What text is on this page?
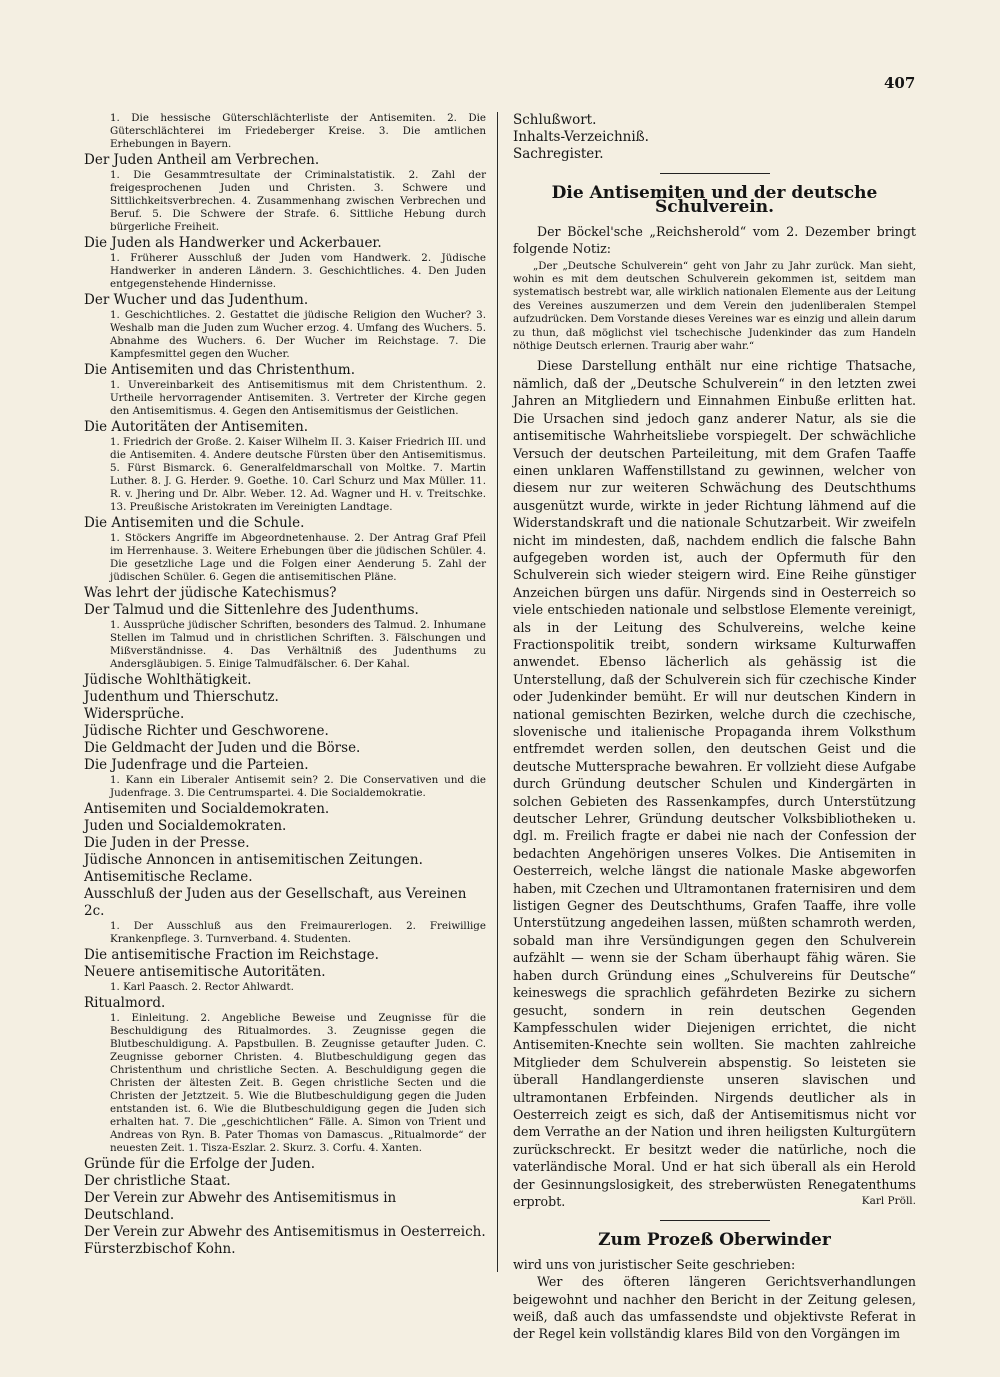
407

1. Die hessische Güterschlächterliste der Antisemiten. 2. Die Güterschlächterei im Friedeberger Kreise. 3. Die amtlichen Erhebungen in Bayern.

Der Juden Antheil am Verbrechen.

1. Die Gesammtresultate der Criminalstatistik. 2. Zahl der freigesprochenen Juden und Christen. 3. Schwere und Sittlichkeitsverbrechen. 4. Zusammenhang zwischen Verbrechen und Beruf. 5. Die Schwere der Strafe. 6. Sittliche Hebung durch bürgerliche Freiheit.

Die Juden als Handwerker und Ackerbauer.

1. Früherer Ausschluß der Juden vom Handwerk. 2. Jüdische Handwerker in anderen Ländern. 3. Geschichtliches. 4. Den Juden entgegenstehende Hindernisse.

Der Wucher und das Judenthum.

1. Geschichtliches. 2. Gestattet die jüdische Religion den Wucher? 3. Weshalb man die Juden zum Wucher erzog. 4. Umfang des Wuchers. 5. Abnahme des Wuchers. 6. Der Wucher im Reichstage. 7. Die Kampfesmittel gegen den Wucher.

Die Antisemiten und das Christenthum.

1. Unvereinbarkeit des Antisemitismus mit dem Christenthum. 2. Urtheile hervorragender Antisemiten. 3. Vertreter der Kirche gegen den Antisemitismus. 4. Gegen den Antisemitismus der Geistlichen.

Die Autoritäten der Antisemiten.

1. Friedrich der Große. 2. Kaiser Wilhelm II. 3. Kaiser Friedrich III. und die Antisemiten. 4. Andere deutsche Fürsten über den Antisemitismus. 5. Fürst Bismarck. 6. Generalfeldmarschall von Moltke. 7. Martin Luther. 8. J. G. Herder. 9. Goethe. 10. Carl Schurz und Max Müller. 11. R. v. Jhering und Dr. Albr. Weber. 12. Ad. Wagner und H. v. Treitschke. 13. Preußische Aristokraten im Vereinigten Landtage.

Die Antisemiten und die Schule.

1. Stöckers Angriffe im Abgeordnetenhause. 2. Der Antrag Graf Pfeil im Herrenhause. 3. Weitere Erhebungen über die jüdischen Schüler. 4. Die gesetzliche Lage und die Folgen einer Aenderung 5. Zahl der jüdischen Schüler. 6. Gegen die antisemitischen Pläne.

Was lehrt der jüdische Katechismus?

Der Talmud und die Sittenlehre des Judenthums.

1. Aussprüche jüdischer Schriften, besonders des Talmud. 2. Inhumane Stellen im Talmud und in christlichen Schriften. 3. Fälschungen und Mißverständnisse. 4. Das Verhältniß des Judenthums zu Andersgläubigen. 5. Einige Talmudfälscher. 6. Der Kahal.

Jüdische Wohlthätigkeit.

Judenthum und Thierschutz.

Widersprüche.

Jüdische Richter und Geschworene.

Die Geldmacht der Juden und die Börse.

Die Judenfrage und die Parteien.

1. Kann ein Liberaler Antisemit sein? 2. Die Conservativen und die Judenfrage. 3. Die Centrumspartei. 4. Die Socialdemokratie.

Antisemiten und Socialdemokraten.

Juden und Socialdemokraten.

Die Juden in der Presse.

Jüdische Annoncen in antisemitischen Zeitungen.

Antisemitische Reclame.

Ausschluß der Juden aus der Gesellschaft, aus Vereinen 2c.

1. Der Ausschluß aus den Freimaurerlogen. 2. Freiwillige Krankenpflege. 3. Turnverband. 4. Studenten.

Die antisemitische Fraction im Reichstage.

Neuere antisemitische Autoritäten.

1. Karl Paasch. 2. Rector Ahlwardt.

Ritualmord.

1. Einleitung. 2. Angebliche Beweise und Zeugnisse für die Beschuldigung des Ritualmordes. 3. Zeugnisse gegen die Blutbeschuldigung. A. Papstbullen. B. Zeugnisse getaufter Juden. C. Zeugnisse geborner Christen. 4. Blutbeschuldigung gegen das Christenthum und christliche Secten. A. Beschuldigung gegen die Christen der ältesten Zeit. B. Gegen christliche Secten und die Christen der Jetztzeit. 5. Wie die Blutbeschuldigung gegen die Juden entstanden ist. 6. Wie die Blutbeschuldigung gegen die Juden sich erhalten hat. 7. Die „geschichtlichen“ Fälle. A. Simon von Trient und Andreas von Ryn. B. Pater Thomas von Damascus. „Ritualmorde“ der neuesten Zeit. 1. Tisza-Eszlar. 2. Skurz. 3. Corfu. 4. Xanten.

Gründe für die Erfolge der Juden.

Der christliche Staat.

Der Verein zur Abwehr des Antisemitismus in Deutschland.

Der Verein zur Abwehr des Antisemitismus in Oesterreich.

Fürsterzbischof Kohn.

Schlußwort.

Inhalts-Verzeichniß.

Sachregister.

Die Antisemiten und der deutsche Schulverein.

Der Böckel'sche „Reichsherold“ vom 2. Dezember bringt folgende Notiz:

„Der „Deutsche Schulverein“ geht von Jahr zu Jahr zurück. Man sieht, wohin es mit dem deutschen Schulverein gekommen ist, seitdem man systematisch bestrebt war, alle wirklich nationalen Elemente aus der Leitung des Vereines auszumerzen und dem Verein den judenliberalen Stempel aufzudrücken. Dem Vorstande dieses Vereines war es einzig und allein darum zu thun, daß möglichst viel tschechische Judenkinder das zum Handeln nöthige Deutsch erlernen. Traurig aber wahr.“

Diese Darstellung enthält nur eine richtige Thatsache, nämlich, daß der „Deutsche Schulverein“ in den letzten zwei Jahren an Mitgliedern und Einnahmen Einbuße erlitten hat. Die Ursachen sind jedoch ganz anderer Natur, als sie die antisemitische Wahrheitsliebe vorspiegelt. Der schwächliche Versuch der deutschen Parteileitung, mit dem Grafen Taaffe einen unklaren Waffenstillstand zu gewinnen, welcher von diesem nur zur weiteren Schwächung des Deutschthums ausgenützt wurde, wirkte in jeder Richtung lähmend auf die Widerstandskraft und die nationale Schutzarbeit. Wir zweifeln nicht im mindesten, daß, nachdem endlich die falsche Bahn aufgegeben worden ist, auch der Opfermuth für den Schulverein sich wieder steigern wird. Eine Reihe günstiger Anzeichen bürgen uns dafür. Nirgends sind in Oesterreich so viele entschieden nationale und selbstlose Elemente vereinigt, als in der Leitung des Schulvereins, welche keine Fractionspolitik treibt, sondern wirksame Kulturwaffen anwendet. Ebenso lächerlich als gehässig ist die Unterstellung, daß der Schulverein sich für czechische Kinder oder Judenkinder bemüht. Er will nur deutschen Kindern in national gemischten Bezirken, welche durch die czechische, slovenische und italienische Propaganda ihrem Volksthum entfremdet werden sollen, den deutschen Geist und die deutsche Muttersprache bewahren. Er vollzieht diese Aufgabe durch Gründung deutscher Schulen und Kindergärten in solchen Gebieten des Rassenkampfes, durch Unterstützung deutscher Lehrer, Gründung deutscher Volksbibliotheken u. dgl. m. Freilich fragte er dabei nie nach der Confession der bedachten Angehörigen unseres Volkes. Die Antisemiten in Oesterreich, welche längst die nationale Maske abgeworfen haben, mit Czechen und Ultramontanen fraternisiren und dem listigen Gegner des Deutschthums, Grafen Taaffe, ihre volle Unterstützung angedeihen lassen, müßten schamroth werden, sobald man ihre Versündigungen gegen den Schulverein aufzählt — wenn sie der Scham überhaupt fähig wären. Sie haben durch Gründung eines „Schulvereins für Deutsche“ keineswegs die sprachlich gefährdeten Bezirke zu sichern gesucht, sondern in rein deutschen Gegenden Kampfesschulen wider Diejenigen errichtet, die nicht Antisemiten-Knechte sein wollten. Sie machten zahlreiche Mitglieder dem Schulverein abspenstig. So leisteten sie überall Handlangerdienste unseren slavischen und ultramontanen Erbfeinden. Nirgends deutlicher als in Oesterreich zeigt es sich, daß der Antisemitismus nicht vor dem Verrathe an der Nation und ihren heiligsten Kulturgütern zurückschreckt. Er besitzt weder die natürliche, noch die vaterländische Moral. Und er hat sich überall als ein Herold der Gesinnungslosigkeit, des streberwüsten Renegatenthums erprobt.	Karl Pröll.

Zum Prozeß Oberwinder

wird uns von juristischer Seite geschrieben:

Wer des öfteren längeren Gerichtsverhandlungen beigewohnt und nachher den Bericht in der Zeitung gelesen, weiß, daß auch das umfassendste und objektivste Referat in der Regel kein vollständig klares Bild von den Vorgängen im
